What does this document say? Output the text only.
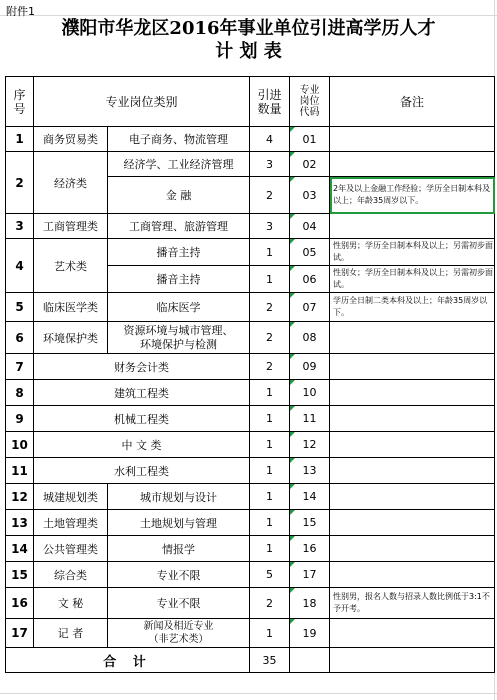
附件1
濮阳市华龙区2016年事业单位引进高学历人才
计 划 表
序
号	专业岗位类别		引进
数量	专业
岗位
代码	备注
1	商务贸易类	电子商务、物流管理	4	01	
2	经济类	经济学、工业经济管理	3	02	
		金 融	2	03	2年及以上金融工作经验；学历全日制本科及以上；年龄35周岁以下。
3	工商管理类	工商管理、旅游管理	3	04	
4	艺术类	播音主持	1	05	性别男；学历全日制本科及以上；另需初步面试。
		播音主持	1	06	性别女；学历全日制本科及以上；另需初步面试。
5	临床医学类	临床医学	2	07	学历全日制二类本科及以上；年龄35周岁以下。
6	环境保护类	资源环境与城市管理、
环境保护与检测	2	08	
7	财务会计类		2	09	
8	建筑工程类		1	10	
9	机械工程类		1	11	
10	中 文 类		1	12	
11	水利工程类		1	13	
12	城建规划类	城市规划与设计	1	14	
13	土地管理类	土地规划与管理	1	15	
14	公共管理类	情报学	1	16	
15	综合类	专业不限	5	17	
16	文 秘	专业不限	2	18	性别男，报名人数与招录人数比例低于3:1不予开考。
17	记 者	新闻及相近专业
（非艺术类）	1	19	
合 计			35		
